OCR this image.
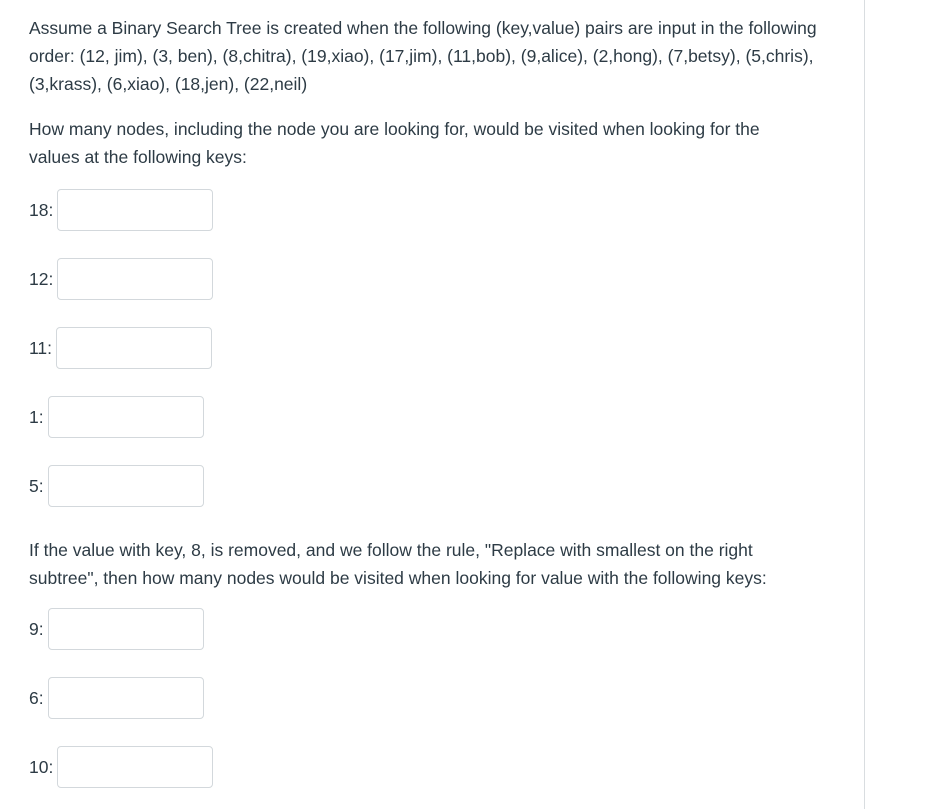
Assume a Binary Search Tree is created when the following (key,value) pairs are input in the following
order: (12, jim), (3, ben), (8,chitra), (19,xiao), (17,jim), (11,bob), (9,alice), (2,hong), (7,betsy), (5,chris),
(3,krass), (6,xiao), (18,jen), (22,neil)

How many nodes, including the node you are looking for, would be visited when looking for the
values at the following keys:

18:
12:
11:
1:
5:

If the value with key, 8, is removed, and we follow the rule, "Replace with smallest on the right
subtree", then how many nodes would be visited when looking for value with the following keys:

9:
6:
10:
